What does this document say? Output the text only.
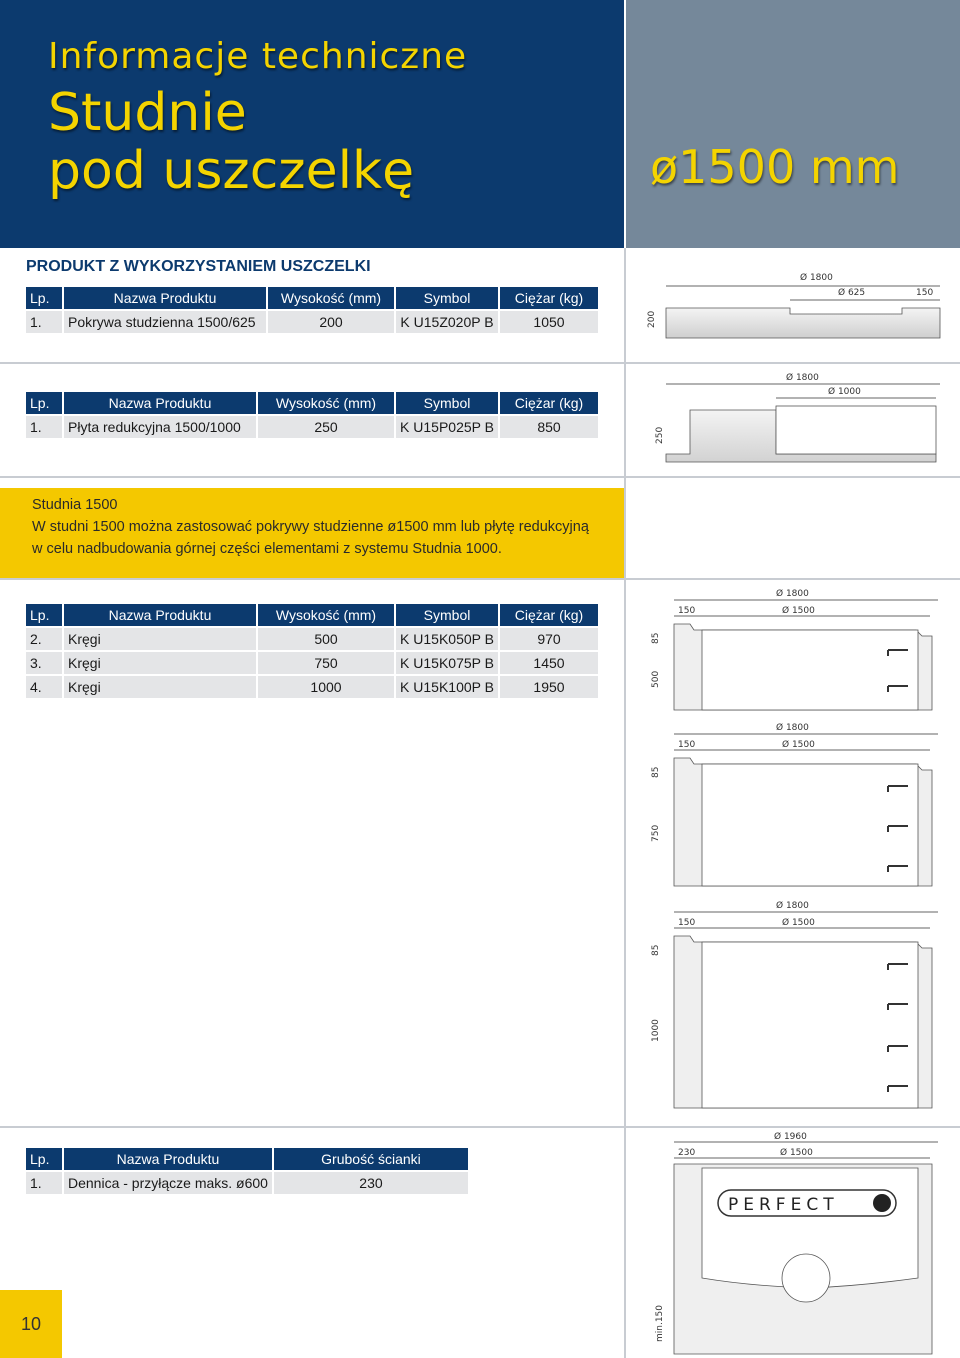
Informacje techniczne
Studnie
pod uszczelkę	ø1500 mm
PRODUKT Z WYKORZYSTANIEM USZCZELKI
Lp.	Nazwa Produktu	Wysokość (mm)	Symbol	Ciężar (kg)
1.	Pokrywa studzienna 1500/625	200	K U15Z020P B	1050
Lp.	Nazwa Produktu	Wysokość (mm)	Symbol	Ciężar (kg)
1.	Płyta redukcyjna 1500/1000	250	K U15P025P B	850
Studnia 1500
W studni 1500 można zastosować pokrywy studzienne ø1500 mm lub płytę redukcyjną w celu nadbudowania górnej części elementami z systemu Studnia 1000.
Lp.	Nazwa Produktu	Wysokość (mm)	Symbol	Ciężar (kg)
2.	Kręgi	500	K U15K050P B	970
3.	Kręgi	750	K U15K075P B	1450
4.	Kręgi	1000	K U15K100P B	1950
Lp.	Nazwa Produktu	Grubość ścianki
1.	Dennica - przyłącze maks. ø600	230
Ø 1800
Ø 625	150
200
Ø 1800
Ø 1000
250
Ø 1800
150	Ø 1500
85
500
Ø 1800
150	Ø 1500
85
750
Ø 1800
150	Ø 1500
85
1000
Ø 1960
230	Ø 1500
PERFECT
min.150
10
